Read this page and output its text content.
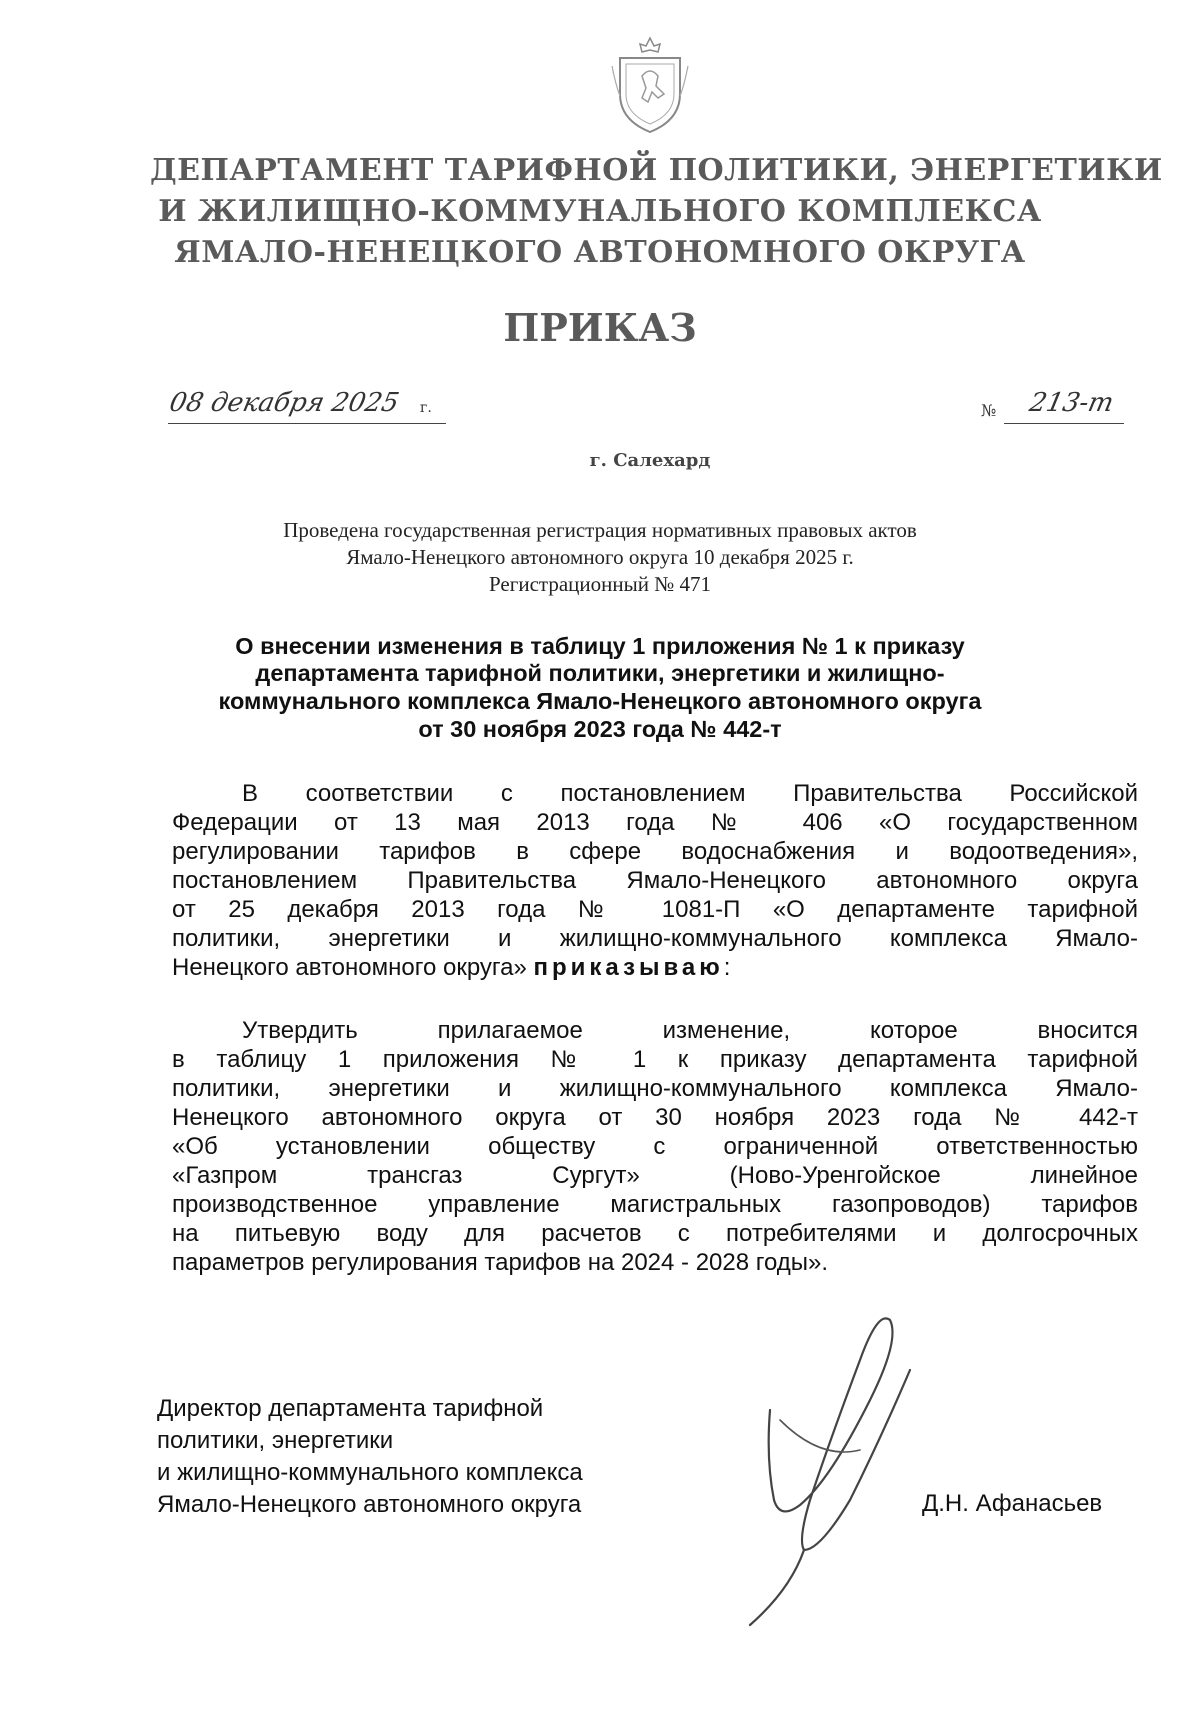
ДЕПАРТАМЕНТ ТАРИФНОЙ ПОЛИТИКИ, ЭНЕРГЕТИКИ
И ЖИЛИЩНО-КОММУНАЛЬНОГО КОМПЛЕКСА
ЯМАЛО-НЕНЕЦКОГО АВТОНОМНОГО ОКРУГА
ПРИКАЗ
08 декабря 2025 г.	№ 213-т
г. Салехард
Проведена государственная регистрация нормативных правовых актов
Ямало-Ненецкого автономного округа 10 декабря 2025 г.
Регистрационный № 471
О внесении изменения в таблицу 1 приложения № 1 к приказу
департамента тарифной политики, энергетики и жилищно-
коммунального комплекса Ямало-Ненецкого автономного округа
от 30 ноября 2023 года № 442-т
В соответствии с постановлением Правительства Российской
Федерации от 13 мая 2013 года № 406 «О государственном
регулировании тарифов в сфере водоснабжения и водоотведения»,
постановлением Правительства Ямало-Ненецкого автономного округа
от 25 декабря 2013 года № 1081-П «О департаменте тарифной
политики, энергетики и жилищно-коммунального комплекса Ямало-
Ненецкого автономного округа» приказываю:
Утвердить прилагаемое изменение, которое вносится
в таблицу 1 приложения № 1 к приказу департамента тарифной
политики, энергетики и жилищно-коммунального комплекса Ямало-
Ненецкого автономного округа от 30 ноября 2023 года № 442-т
«Об установлении обществу с ограниченной ответственностью
«Газпром трансгаз Сургут» (Ново-Уренгойское линейное
производственное управление магистральных газопроводов) тарифов
на питьевую воду для расчетов с потребителями и долгосрочных
параметров регулирования тарифов на 2024 - 2028 годы».
Директор департамента тарифной
политики, энергетики
и жилищно-коммунального комплекса
Ямало-Ненецкого автономного округа	Д.Н. Афанасьев
